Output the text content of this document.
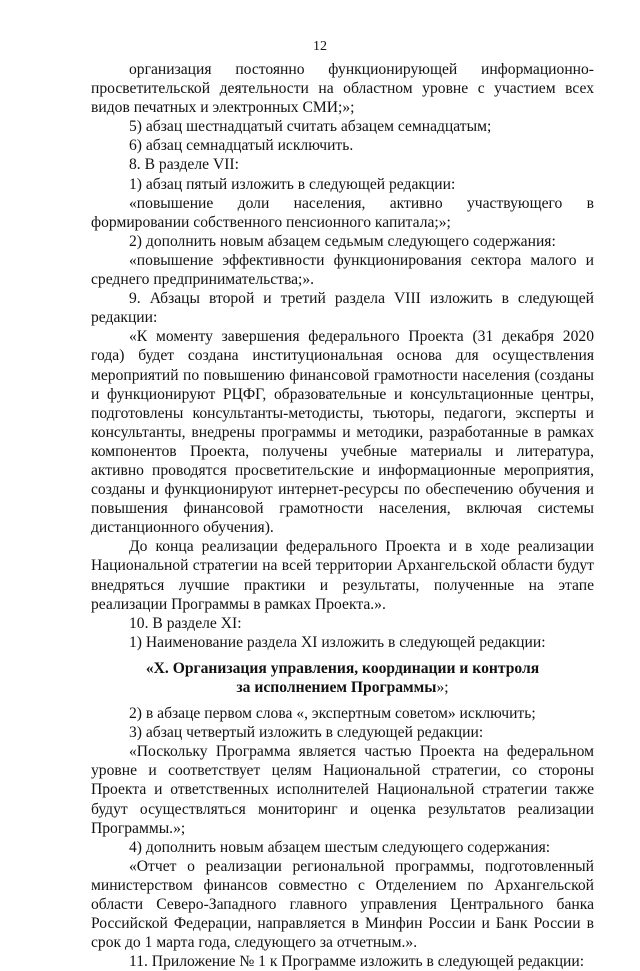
12

организация постоянно функционирующей информационно-просветительской деятельности на областном уровне с участием всех видов печатных и электронных СМИ;»;

5) абзац шестнадцатый считать абзацем семнадцатым;

6) абзац семнадцатый исключить.

8. В разделе VII:

1) абзац пятый изложить в следующей редакции:

«повышение доли населения, активно участвующего в формировании собственного пенсионного капитала;»;

2) дополнить новым абзацем седьмым следующего содержания:

«повышение эффективности функционирования сектора малого и среднего предпринимательства;».

9. Абзацы второй и третий раздела VIII изложить в следующей редакции:

«К моменту завершения федерального Проекта (31 декабря 2020 года) будет создана институциональная основа для осуществления мероприятий по повышению финансовой грамотности населения (созданы и функционируют РЦФГ, образовательные и консультационные центры, подготовлены консультанты-методисты, тьюторы, педагоги, эксперты и консультанты, внедрены программы и методики, разработанные в рамках компонентов Проекта, получены учебные материалы и литература, активно проводятся просветительские и информационные мероприятия, созданы и функционируют интернет-ресурсы по обеспечению обучения и повышения финансовой грамотности населения, включая системы дистанционного обучения).

До конца реализации федерального Проекта и в ходе реализации Национальной стратегии на всей территории Архангельской области будут внедряться лучшие практики и результаты, полученные на этапе реализации Программы в рамках Проекта.».

10. В разделе XI:

1) Наименование раздела XI изложить в следующей редакции:

«X. Организация управления, координации и контроля
за исполнением Программы»;

2) в абзаце первом слова «, экспертным советом» исключить;

3) абзац четвертый изложить в следующей редакции:

«Поскольку Программа является частью Проекта на федеральном уровне и соответствует целям Национальной стратегии, со стороны Проекта и ответственных исполнителей Национальной стратегии также будут осуществляться мониторинг и оценка результатов реализации Программы.»;

4) дополнить новым абзацем шестым следующего содержания:

«Отчет о реализации региональной программы, подготовленный министерством финансов совместно с Отделением по Архангельской области Северо-Западного главного управления Центрального банка Российской Федерации, направляется в Минфин России и Банк России в срок до 1 марта года, следующего за отчетным.».

11. Приложение № 1 к Программе изложить в следующей редакции:
